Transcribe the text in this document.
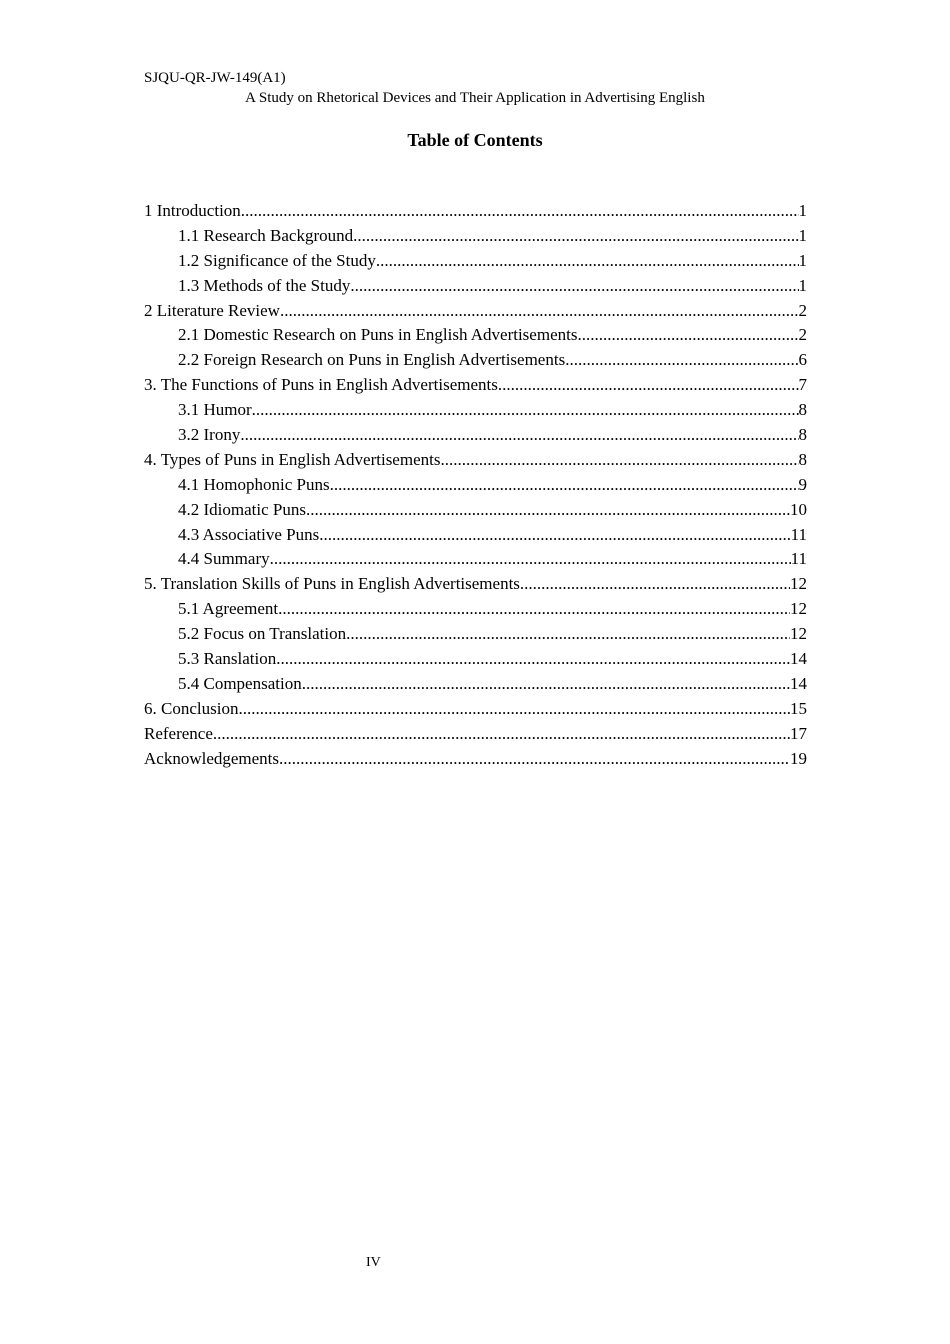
SJQU-QR-JW-149(A1)
A Study on Rhetorical Devices and Their Application in Advertising English
Table of Contents
1 Introduction .....	1
1.1 Research Background .....	1
1.2 Significance of the Study .....	1
1.3 Methods of the Study .....	1
2 Literature Review .....	2
2.1 Domestic Research on Puns in English Advertisements .....	2
2.2 Foreign Research on Puns in English Advertisements .....	6
3. The Functions of Puns in English Advertisements .....	7
3.1 Humor .....	8
3.2 Irony .....	8
4. Types of Puns in English Advertisements .....	8
4.1 Homophonic Puns .....	9
4.2 Idiomatic Puns .....	10
4.3 Associative Puns .....	11
4.4 Summary .....	11
5. Translation Skills of Puns in English Advertisements .....	12
5.1 Agreement .....	12
5.2 Focus on Translation .....	12
5.3 Ranslation .....	14
5.4 Compensation .....	14
6. Conclusion .....	15
Reference .....	17
Acknowledgements .....	19
IV
